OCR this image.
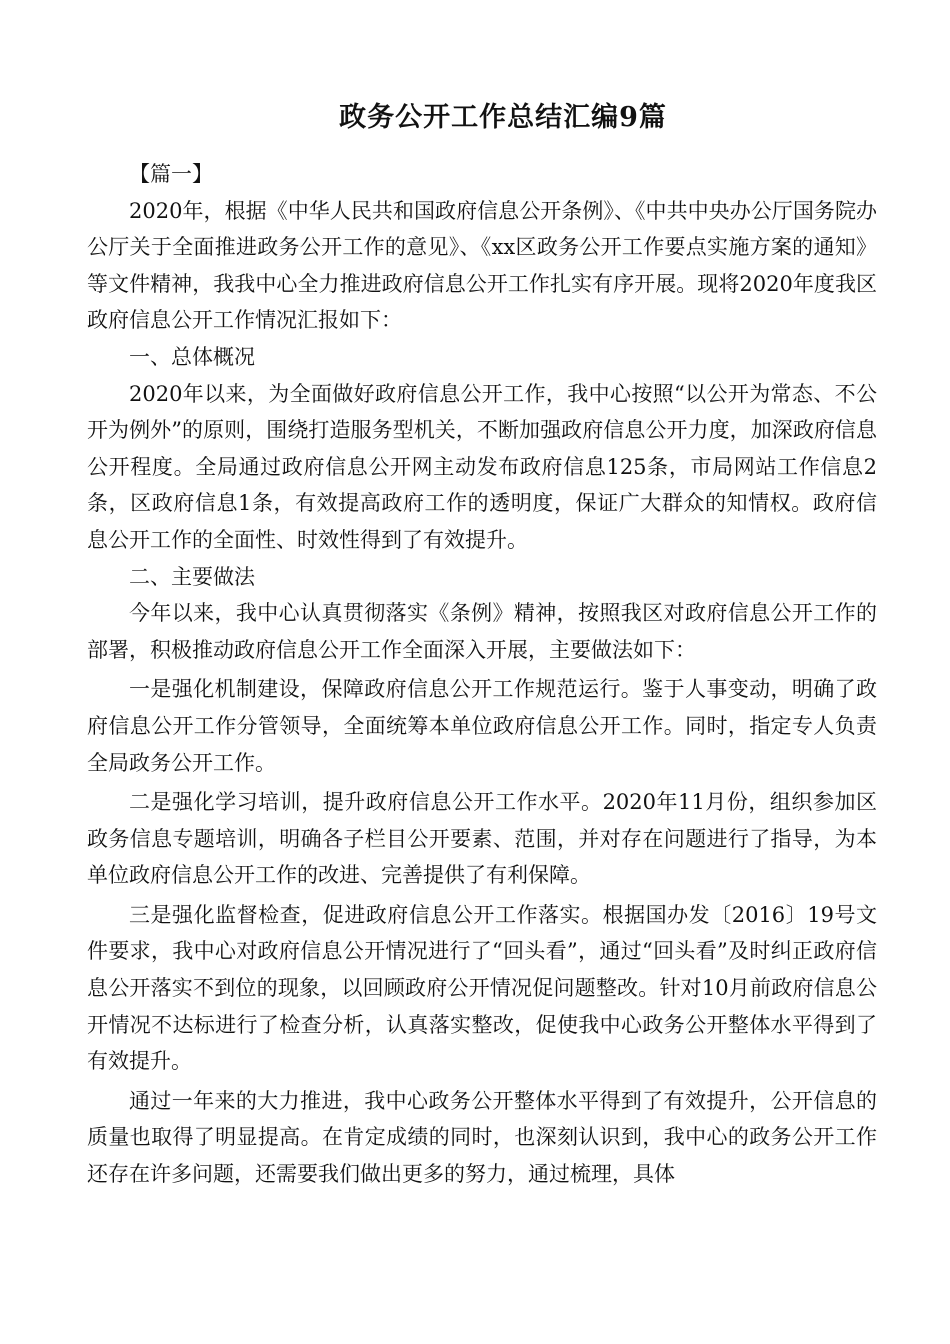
政务公开工作总结汇编9篇

【篇一】

2020年，根据《中华人民共和国政府信息公开条例》、《中共中央办公厅国务院办公厅关于全面推进政务公开工作的意见》、《xx区政务公开工作要点实施方案的通知》等文件精神，我我中心全力推进政府信息公开工作扎实有序开展。现将2020年度我区政府信息公开工作情况汇报如下：

一、总体概况

2020年以来，为全面做好政府信息公开工作，我中心按照“以公开为常态、不公开为例外”的原则，围绕打造服务型机关，不断加强政府信息公开力度，加深政府信息公开程度。全局通过政府信息公开网主动发布政府信息125条，市局网站工作信息2条，区政府信息1条，有效提高政府工作的透明度，保证广大群众的知情权。政府信息公开工作的全面性、时效性得到了有效提升。

二、主要做法

今年以来，我中心认真贯彻落实《条例》精神，按照我区对政府信息公开工作的部署，积极推动政府信息公开工作全面深入开展，主要做法如下：

一是强化机制建设，保障政府信息公开工作规范运行。鉴于人事变动，明确了政府信息公开工作分管领导，全面统筹本单位政府信息公开工作。同时，指定专人负责全局政务公开工作。

二是强化学习培训，提升政府信息公开工作水平。2020年11月份，组织参加区政务信息专题培训，明确各子栏目公开要素、范围，并对存在问题进行了指导，为本单位政府信息公开工作的改进、完善提供了有利保障。

三是强化监督检查，促进政府信息公开工作落实。根据国办发〔2016〕19号文件要求，我中心对政府信息公开情况进行了“回头看”，通过“回头看”及时纠正政府信息公开落实不到位的现象，以回顾政府公开情况促问题整改。针对10月前政府信息公开情况不达标进行了检查分析，认真落实整改，促使我中心政务公开整体水平得到了有效提升。

通过一年来的大力推进，我中心政务公开整体水平得到了有效提升，公开信息的质量也取得了明显提高。在肯定成绩的同时，也深刻认识到，我中心的政务公开工作还存在许多问题，还需要我们做出更多的努力，通过梳理，具体
